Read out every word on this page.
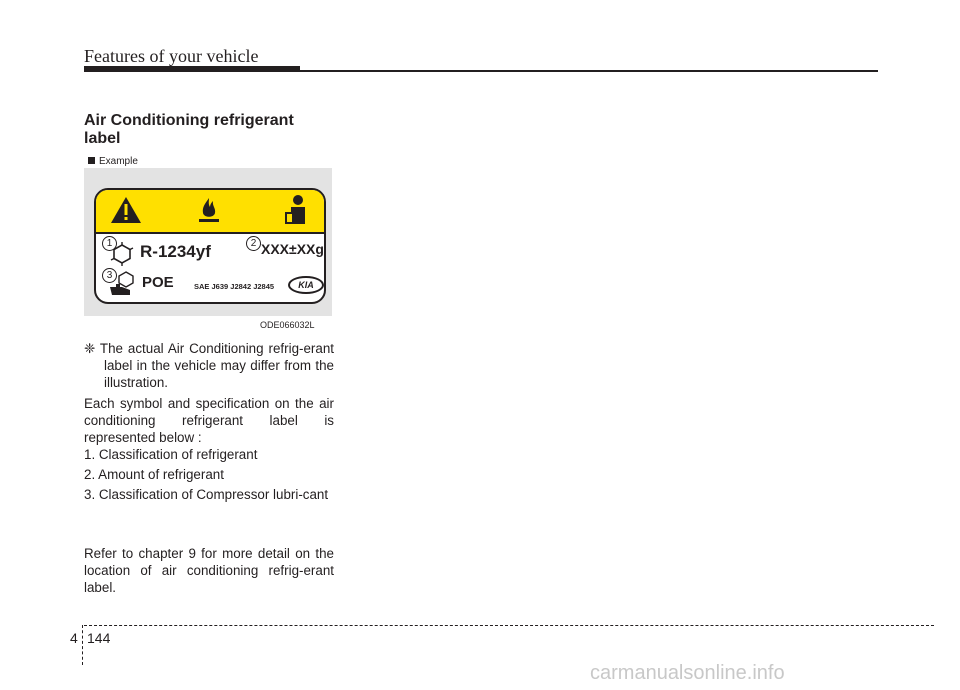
Features of your vehicle
Air Conditioning refrigerant label
Example
1 R-1234yf	2 XXX±XXg
3	POE	SAE J639 J2842 J2845	KIA
ODE066032L

❈ The actual Air Conditioning refrig-erant label in the vehicle may differ from the illustration.

Each symbol and specification on the air conditioning refrigerant label is represented below :

1. Classification of refrigerant

2. Amount of refrigerant

3. Classification of Compressor lubri-cant

Refer to chapter 9 for more detail on the location of air conditioning refrig-erant label.

4 144
carmanualsonline.info
